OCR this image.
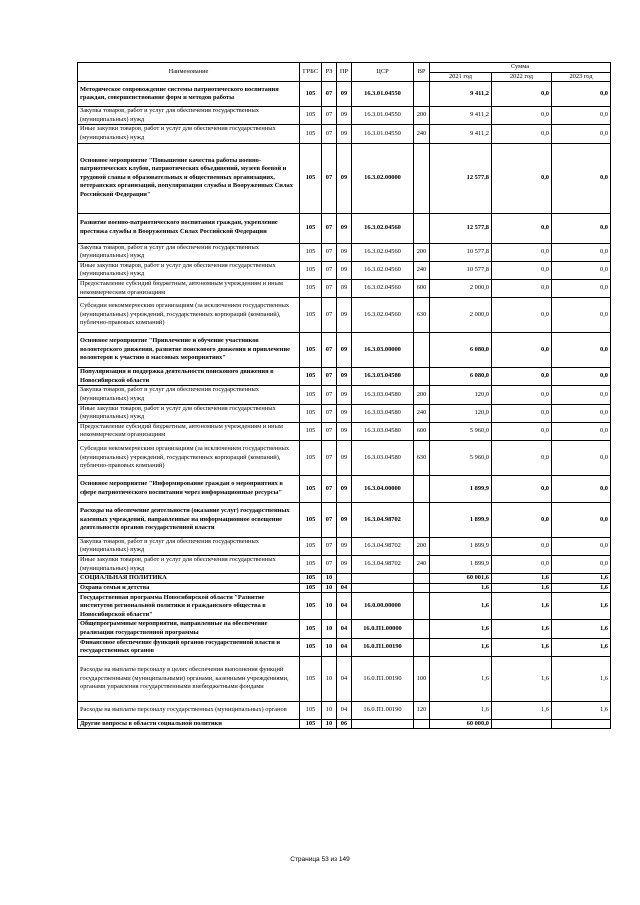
Наименование	ГРБС	РЗ	ПР	ЦСР	ВР	Сумма		
						2021 год	2022 год	2023 год
Методическое сопровождение системы патриотического воспитания граждан, совершенствование форм и методов работы	105	07	09	16.3.01.04550		9 411,2	0,0	0,0
Закупка товаров, работ и услуг для обеспечения государственных (муниципальных) нужд	105	07	09	16.3.01.04550	200	9 411,2	0,0	0,0
Иные закупки товаров, работ и услуг для обеспечения государственных (муниципальных) нужд	105	07	09	16.3.01.04550	240	9 411,2	0,0	0,0
Основное мероприятие "Повышение качества работы военно-патриотических клубов, патриотических объединений, музеев боевой и трудовой славы в образовательных и общественных организациях, ветеранских организаций, популяризация службы в Вооруженных Силах Российской Федерации"	105	07	09	16.3.02.00000		12 577,8	0,0	0,0
Развитие военно-патриотического воспитания граждан, укрепление престижа службы в Вооруженных Силах Российской Федерации	105	07	09	16.3.02.04560		12 577,8	0,0	0,0
Закупка товаров, работ и услуг для обеспечения государственных (муниципальных) нужд	105	07	09	16.3.02.04560	200	10 577,8	0,0	0,0
Иные закупки товаров, работ и услуг для обеспечения государственных (муниципальных) нужд	105	07	09	16.3.02.04560	240	10 577,8	0,0	0,0
Предоставление субсидий бюджетным, автономным учреждениям и иным некоммерческим организациям	105	07	09	16.3.02.04560	600	2 000,0	0,0	0,0
Субсидии некоммерческим организациям (за исключением государственных (муниципальных) учреждений, государственных корпораций (компаний), публично-правовых компаний)	105	07	09	16.3.02.04560	630	2 000,0	0,0	0,0
Основное мероприятие "Привлечение и обучение участников волонтерского движения, развитие поискового движения и привлечение волонтеров к участию в массовых мероприятиях"	105	07	09	16.3.03.00000		6 080,0	0,0	0,0
Популяризация и поддержка деятельности поискового движения в Новосибирской области	105	07	09	16.3.03.04580		6 080,0	0,0	0,0
Закупка товаров, работ и услуг для обеспечения государственных (муниципальных) нужд	105	07	09	16.3.03.04580	200	120,0	0,0	0,0
Иные закупки товаров, работ и услуг для обеспечения государственных (муниципальных) нужд	105	07	09	16.3.03.04580	240	120,0	0,0	0,0
Предоставление субсидий бюджетным, автономным учреждениям и иным некоммерческим организациям	105	07	09	16.3.03.04580	600	5 960,0	0,0	0,0
Субсидии некоммерческим организациям (за исключением государственных (муниципальных) учреждений, государственных корпораций (компаний), публично-правовых компаний)	105	07	09	16.3.03.04580	630	5 960,0	0,0	0,0
Основное мероприятие "Информирование граждан о мероприятиях в сфере патриотического воспитания через информационные ресурсы"	105	07	09	16.3.04.00000		1 899,9	0,0	0,0
Расходы на обеспечение деятельности (оказание услуг) государственных казенных учреждений, направленные на информационное освещение деятельности органов государственной власти	105	07	09	16.3.04.98702		1 899,9	0,0	0,0
Закупка товаров, работ и услуг для обеспечения государственных (муниципальных) нужд	105	07	09	16.3.04.98702	200	1 899,9	0,0	0,0
Иные закупки товаров, работ и услуг для обеспечения государственных (муниципальных) нужд	105	07	09	16.3.04.98702	240	1 899,9	0,0	0,0
СОЦИАЛЬНАЯ ПОЛИТИКА	105	10				60 001,6	1,6	1,6
Охрана семьи и детства	105	10	04			1,6	1,6	1,6
Государственная программа Новосибирской области "Развитие институтов региональной политики и гражданского общества в Новосибирской области"	105	10	04	16.0.00.00000		1,6	1,6	1,6
Общепрограммные мероприятия, направленные на обеспечение реализации государственной программы	105	10	04	16.0.П1.00000		1,6	1,6	1,6
Финансовое обеспечение функций органов государственной власти и государственных органов	105	10	04	16.0.П1.00190		1,6	1,6	1,6
Расходы на выплаты персоналу в целях обеспечения выполнения функций государственными (муниципальными) органами, казенными учреждениями, органами управления государственными внебюджетными фондами	105	10	04	16.0.П1.00190	100	1,6	1,6	1,6
Расходы на выплаты персоналу государственных (муниципальных) органов	105	10	04	16.0.П1.00190	120	1,6	1,6	1,6
Другие вопросы в области социальной политики	105	10	06			60 000,0		
Страница 53 из 149
